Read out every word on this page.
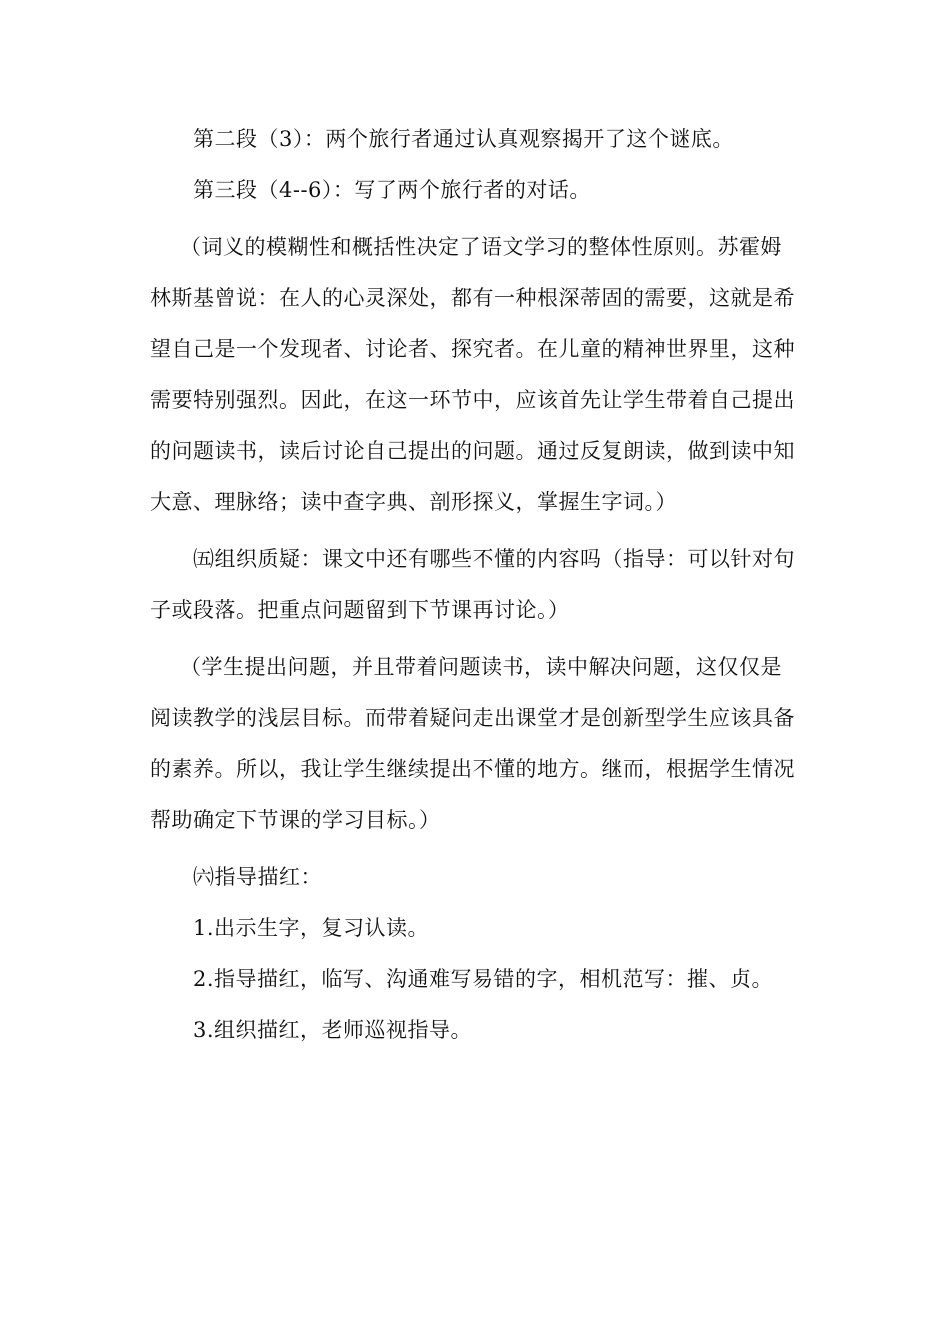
第二段（3）：两个旅行者通过认真观察揭开了这个谜底。

第三段（4--6）：写了两个旅行者的对话。

（词义的模糊性和概括性决定了语文学习的整体性原则。苏霍姆林斯基曾说：在人的心灵深处，都有一种根深蒂固的需要，这就是希望自己是一个发现者、讨论者、探究者。在儿童的精神世界里，这种需要特别强烈。因此，在这一环节中，应该首先让学生带着自己提出的问题读书，读后讨论自己提出的问题。通过反复朗读，做到读中知大意、理脉络；读中查字典、剖形探义，掌握生字词。）

㈤组织质疑：课文中还有哪些不懂的内容吗（指导：可以针对句子或段落。把重点问题留到下节课再讨论。）

（学生提出问题，并且带着问题读书，读中解决问题，这仅仅是阅读教学的浅层目标。而带着疑问走出课堂才是创新型学生应该具备的素养。所以，我让学生继续提出不懂的地方。继而，根据学生情况帮助确定下节课的学习目标。）

㈥指导描红：

1.出示生字，复习认读。

2.指导描红，临写、沟通难写易错的字，相机范写：摧、贞。

3.组织描红，老师巡视指导。
